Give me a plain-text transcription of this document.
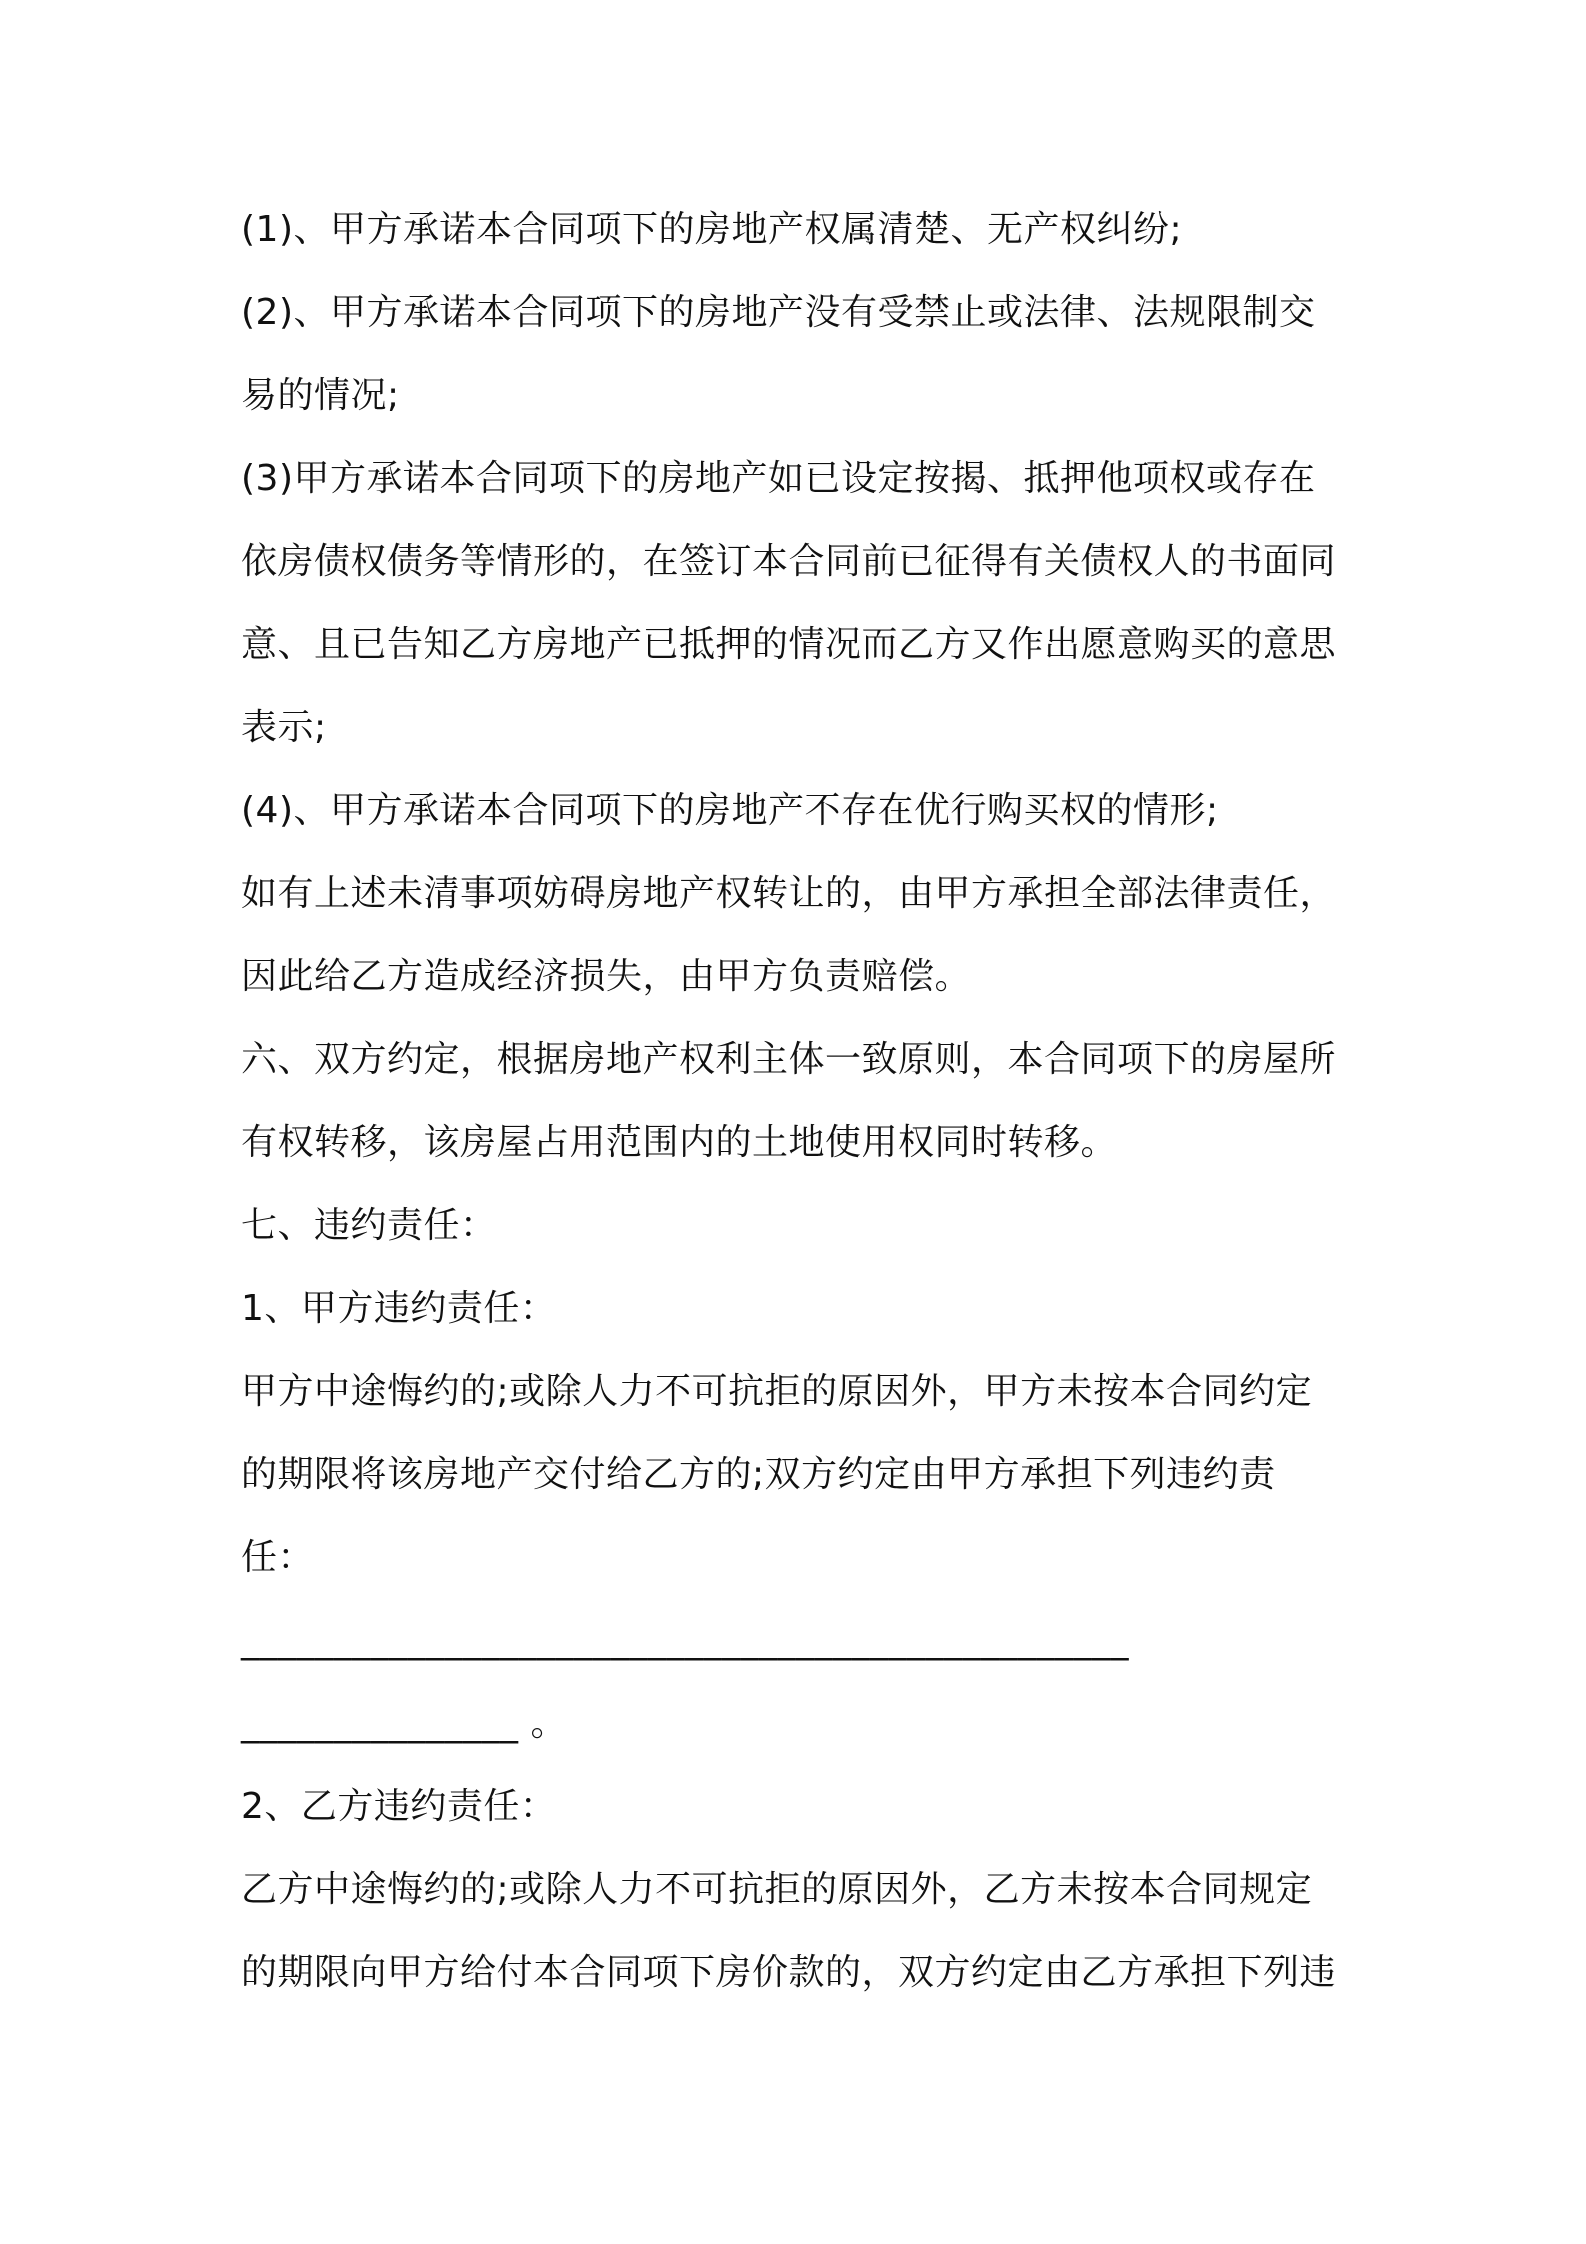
(1)、甲方承诺本合同项下的房地产权属清楚、无产权纠纷;
(2)、甲方承诺本合同项下的房地产没有受禁止或法律、法规限制交
易的情况;
(3)甲方承诺本合同项下的房地产如已设定按揭、抵押他项权或存在
依房债权债务等情形的，在签订本合同前已征得有关债权人的书面同
意、且已告知乙方房地产已抵押的情况而乙方又作出愿意购买的意思
表示;
(4)、甲方承诺本合同项下的房地产不存在优行购买权的情形;
如有上述未清事项妨碍房地产权转让的，由甲方承担全部法律责任，
因此给乙方造成经济损失，由甲方负责赔偿。
六、双方约定，根据房地产权利主体一致原则，本合同项下的房屋所
有权转移，该房屋占用范围内的土地使用权同时转移。
七、违约责任：
1、甲方违约责任：
甲方中途悔约的;或除人力不可抗拒的原因外，甲方未按本合同约定
的期限将该房地产交付给乙方的;双方约定由甲方承担下列违约责
任：
________________________________________________
_______________ 。
2、乙方违约责任：
乙方中途悔约的;或除人力不可抗拒的原因外，乙方未按本合同规定
的期限向甲方给付本合同项下房价款的，双方约定由乙方承担下列违
